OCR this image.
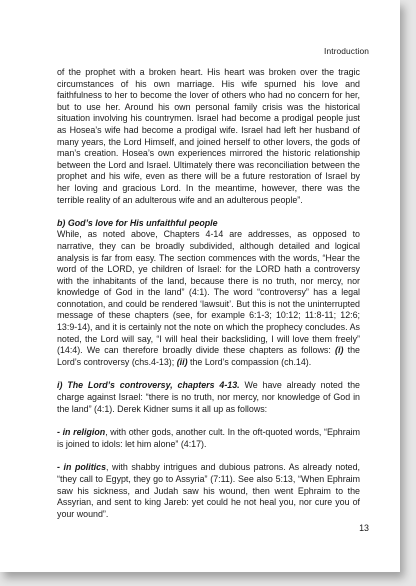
Introduction

of the prophet with a broken heart. His heart was broken over the tragic circumstances of his own marriage. His wife spurned his love and faithfulness to her to become the lover of others who had no concern for her, but to use her. Around his own personal family crisis was the historical situation involving his countrymen. Israel had become a prodigal people just as Hosea’s wife had become a prodigal wife. Israel had left her husband of many years, the Lord Himself, and joined herself to other lovers, the gods of man’s creation. Hosea’s own experiences mirrored the historic relationship between the Lord and Israel. Ultimately there was reconciliation between the prophet and his wife, even as there will be a future restoration of Israel by her loving and gracious Lord. In the meantime, however, there was the terrible reality of an adulterous wife and an adulterous people”.

b) God’s love for His unfaithful people

While, as noted above, Chapters 4-14 are addresses, as opposed to narrative, they can be broadly subdivided, although detailed and logical analysis is far from easy. The section commences with the words, “Hear the word of the LORD, ye children of Israel: for the LORD hath a controversy with the inhabitants of the land, because there is no truth, nor mercy, nor knowledge of God in the land” (4:1). The word “controversy” has a legal connotation, and could be rendered ‘lawsuit’. But this is not the uninterrupted message of these chapters (see, for example 6:1-3; 10:12; 11:8-11; 12:6; 13:9-14), and it is certainly not the note on which the prophecy concludes. As noted, the Lord will say, “I will heal their backsliding, I will love them freely” (14:4). We can therefore broadly divide these chapters as follows: (i) the Lord’s controversy (chs.4-13); (ii) the Lord’s compassion (ch.14).

i) The Lord’s controversy, chapters 4-13. We have already noted the charge against Israel: “there is no truth, nor mercy, nor knowledge of God in the land” (4:1). Derek Kidner sums it all up as follows:

- in religion, with other gods, another cult. In the oft-quoted words, “Ephraim is joined to idols: let him alone” (4:17).

- in politics, with shabby intrigues and dubious patrons. As already noted, “they call to Egypt, they go to Assyria” (7:11). See also 5:13, “When Ephraim saw his sickness, and Judah saw his wound, then went Ephraim to the Assyrian, and sent to king Jareb: yet could he not heal you, nor cure you of your wound”.

13
